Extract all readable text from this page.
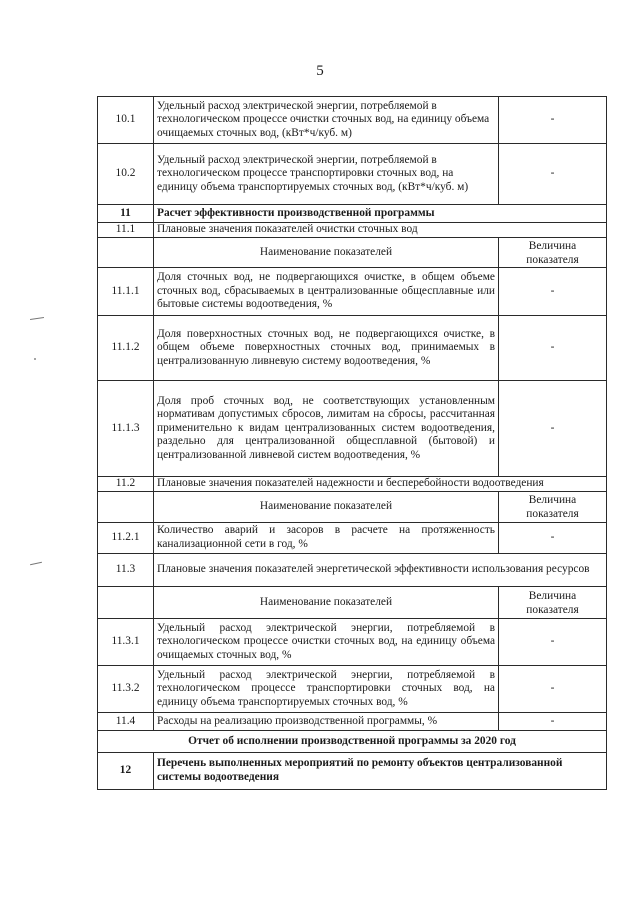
5
10.1	Удельный расход электрической энергии, потребляемой в технологическом процессе очистки сточных вод, на единицу объема очищаемых сточных вод, (кВт*ч/куб. м)	-
10.2	Удельный расход электрической энергии, потребляемой в технологическом процессе транспортировки сточных вод, на единицу объема транспортируемых сточных вод, (кВт*ч/куб. м)	-
11	Расчет эффективности производственной программы	
11.1	Плановые значения показателей очистки сточных вод	
	Наименование показателей	Величина показателя
11.1.1	Доля сточных вод, не подвергающихся очистке, в общем объеме сточных вод, сбрасываемых в централизованные общесплавные или бытовые системы водоотведения, %	-
11.1.2	Доля поверхностных сточных вод, не подвергающихся очистке, в общем объеме поверхностных сточных вод, принимаемых в централизованную ливневую систему водоотведения, %	-
11.1.3	Доля проб сточных вод, не соответствующих установленным нормативам допустимых сбросов, лимитам на сбросы, рассчитанная применительно к видам централизованных систем водоотведения, раздельно для централизованной общесплавной (бытовой) и централизованной ливневой систем водоотведения, %	-
11.2	Плановые значения показателей надежности и бесперебойности водоотведения	
	Наименование показателей	Величина показателя
11.2.1	Количество аварий и засоров в расчете на протяженность канализационной сети в год, %	-
11.3	Плановые значения показателей энергетической эффективности использования ресурсов	
	Наименование показателей	Величина показателя
11.3.1	Удельный расход электрической энергии, потребляемой в технологическом процессе очистки сточных вод, на единицу объема очищаемых сточных вод, %	-
11.3.2	Удельный расход электрической энергии, потребляемой в технологическом процессе транспортировки сточных вод, на единицу объема транспортируемых сточных вод, %	-
11.4	Расходы на реализацию производственной программы, %	-
Отчет об исполнении производственной программы за 2020 год		
12	Перечень выполненных мероприятий по ремонту объектов централизованной системы водоотведения	
